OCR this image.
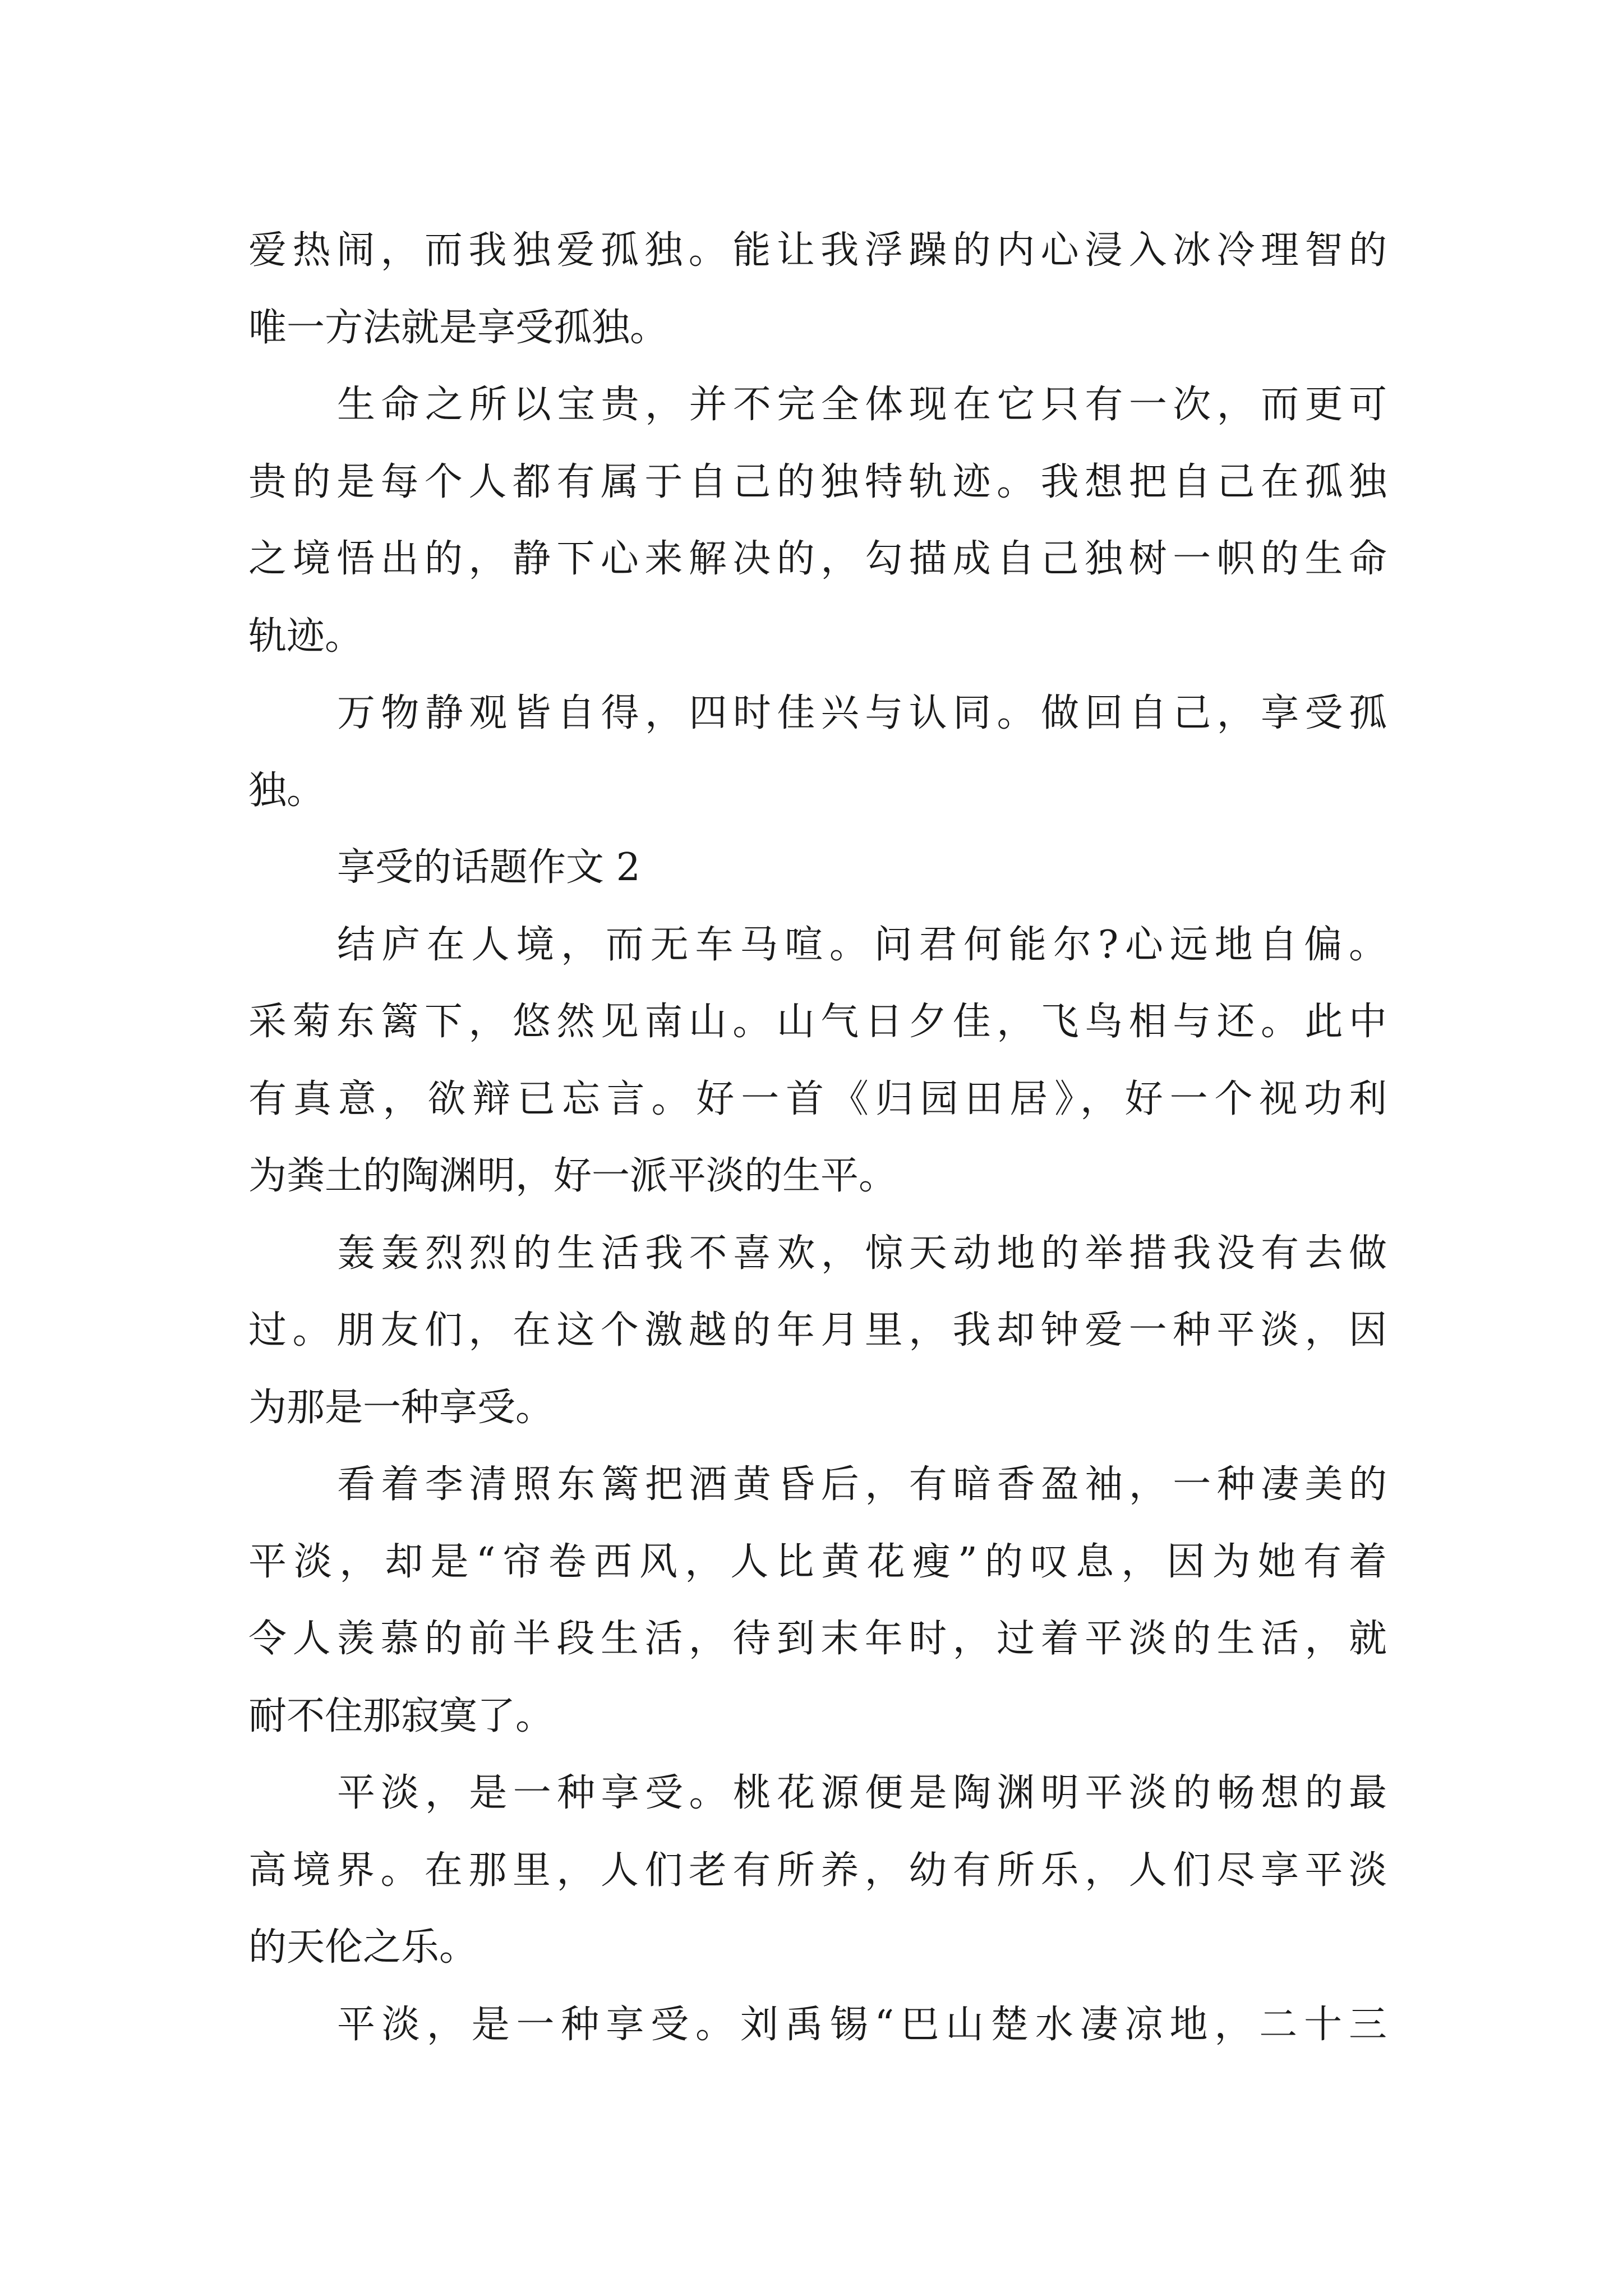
爱热闹，而我独爱孤独。能让我浮躁的内心浸入冰冷理智的
唯一方法就是享受孤独。
生命之所以宝贵，并不完全体现在它只有一次，而更可
贵的是每个人都有属于自己的独特轨迹。我想把自己在孤独
之境悟出的，静下心来解决的，勾描成自己独树一帜的生命
轨迹。
万物静观皆自得，四时佳兴与认同。做回自己，享受孤
独。
享受的话题作文 2
结庐在人境，而无车马喧。问君何能尔?心远地自偏。
采菊东篱下，悠然见南山。山气日夕佳，飞鸟相与还。此中
有真意，欲辩已忘言。好一首《归园田居》，好一个视功利
为粪土的陶渊明，好一派平淡的生平。
轰轰烈烈的生活我不喜欢，惊天动地的举措我没有去做
过。朋友们，在这个激越的年月里，我却钟爱一种平淡，因
为那是一种享受。
看着李清照东篱把酒黄昏后，有暗香盈袖，一种凄美的
平淡，却是“帘卷西风，人比黄花瘦”的叹息，因为她有着
令人羡慕的前半段生活，待到末年时，过着平淡的生活，就
耐不住那寂寞了。
平淡，是一种享受。桃花源便是陶渊明平淡的畅想的最
高境界。在那里，人们老有所养，幼有所乐，人们尽享平淡
的天伦之乐。
平淡，是一种享受。刘禹锡“巴山楚水凄凉地，二十三
